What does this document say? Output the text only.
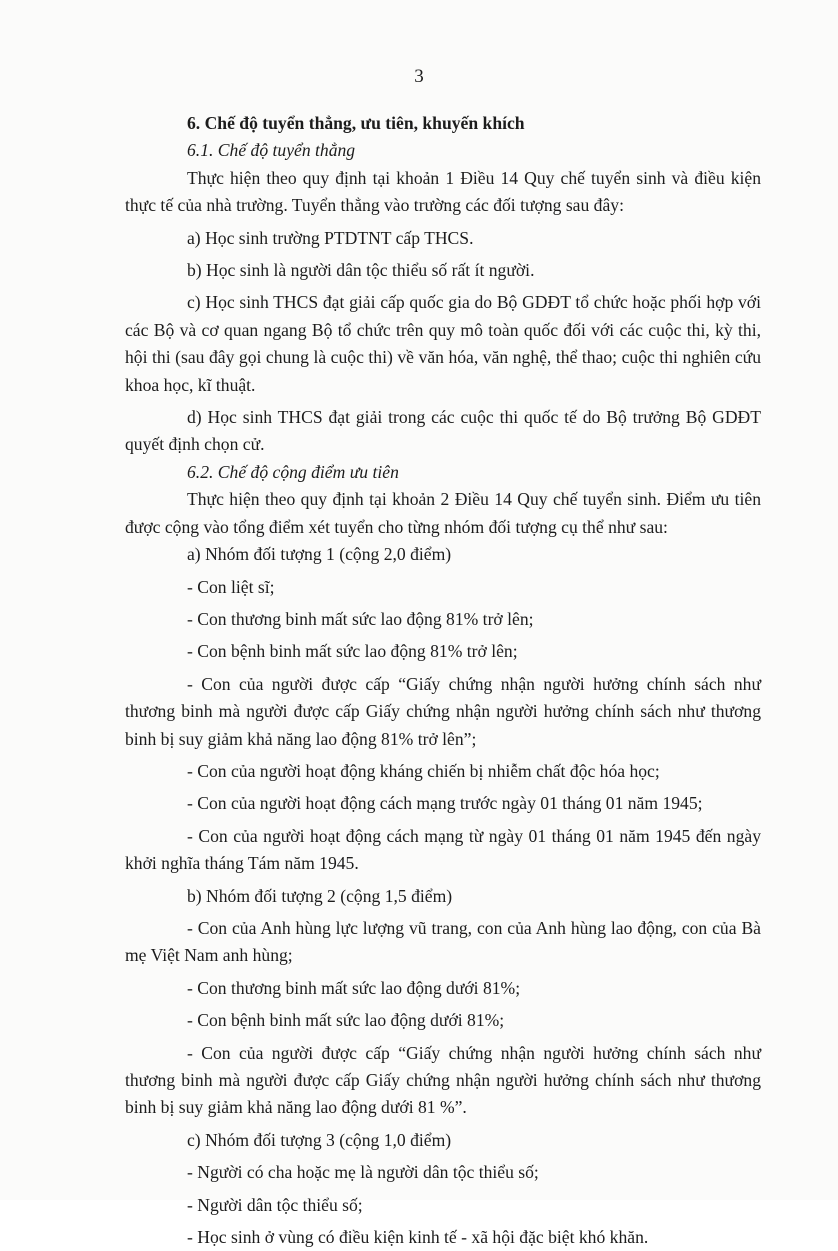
3

6. Chế độ tuyển thẳng, ưu tiên, khuyến khích

6.1. Chế độ tuyển thẳng

Thực hiện theo quy định tại khoản 1 Điều 14 Quy chế tuyển sinh và điều kiện thực tế của nhà trường. Tuyển thẳng vào trường các đối tượng sau đây:

a) Học sinh trường PTDTNT cấp THCS.

b) Học sinh là người dân tộc thiểu số rất ít người.

c) Học sinh THCS đạt giải cấp quốc gia do Bộ GDĐT tổ chức hoặc phối hợp với các Bộ và cơ quan ngang Bộ tổ chức trên quy mô toàn quốc đối với các cuộc thi, kỳ thi, hội thi (sau đây gọi chung là cuộc thi) về văn hóa, văn nghệ, thể thao; cuộc thi nghiên cứu khoa học, kĩ thuật.

d) Học sinh THCS đạt giải trong các cuộc thi quốc tế do Bộ trưởng Bộ GDĐT quyết định chọn cử.

6.2. Chế độ cộng điểm ưu tiên

Thực hiện theo quy định tại khoản 2 Điều 14 Quy chế tuyển sinh. Điểm ưu tiên được cộng vào tổng điểm xét tuyển cho từng nhóm đối tượng cụ thể như sau:

a) Nhóm đối tượng 1 (cộng 2,0 điểm)

- Con liệt sĩ;

- Con thương binh mất sức lao động 81% trở lên;

- Con bệnh binh mất sức lao động 81% trở lên;

- Con của người được cấp “Giấy chứng nhận người hưởng chính sách như thương binh mà người được cấp Giấy chứng nhận người hưởng chính sách như thương binh bị suy giảm khả năng lao động 81% trở lên”;

- Con của người hoạt động kháng chiến bị nhiễm chất độc hóa học;

- Con của người hoạt động cách mạng trước ngày 01 tháng 01 năm 1945;

- Con của người hoạt động cách mạng từ ngày 01 tháng 01 năm 1945 đến ngày khởi nghĩa tháng Tám năm 1945.

b) Nhóm đối tượng 2 (cộng 1,5 điểm)

- Con của Anh hùng lực lượng vũ trang, con của Anh hùng lao động, con của Bà mẹ Việt Nam anh hùng;

- Con thương binh mất sức lao động dưới 81%;

- Con bệnh binh mất sức lao động dưới 81%;

- Con của người được cấp “Giấy chứng nhận người hưởng chính sách như thương binh mà người được cấp Giấy chứng nhận người hưởng chính sách như thương binh bị suy giảm khả năng lao động dưới 81 %”.

c) Nhóm đối tượng 3 (cộng 1,0 điểm)

- Người có cha hoặc mẹ là người dân tộc thiểu số;

- Người dân tộc thiểu số;

- Học sinh ở vùng có điều kiện kinh tế - xã hội đặc biệt khó khăn.
